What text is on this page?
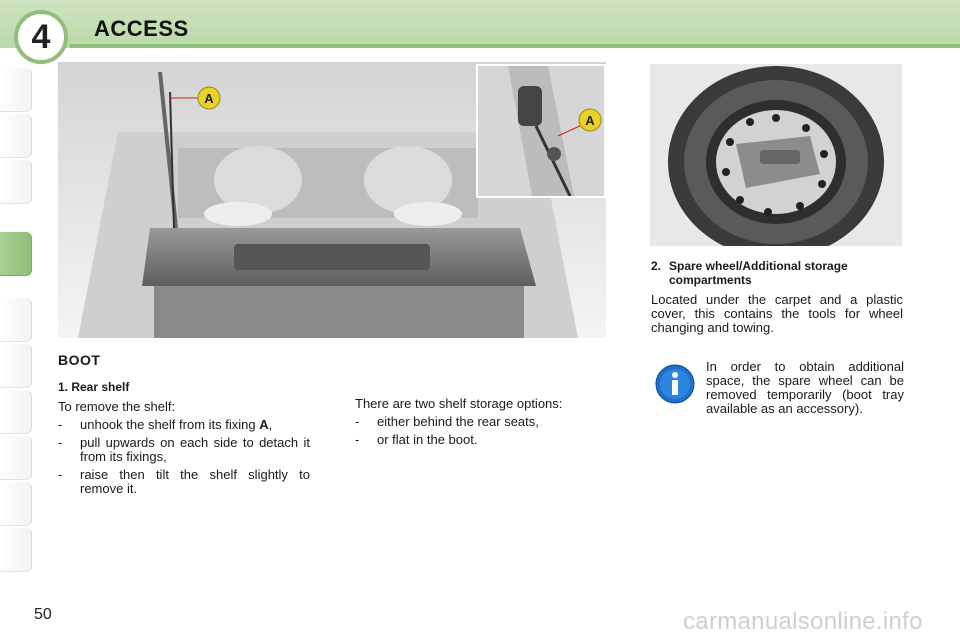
4 ACCESS
A
A
BOOT
1. Rear shelf
To remove the shelf:
- unhook the shelf from its fixing A,
- pull upwards on each side to detach it from its fixings,
- raise then tilt the shelf slightly to remove it.
There are two shelf storage options:
- either behind the rear seats,
- or flat in the boot.
2. Spare wheel/Additional storage compartments
Located under the carpet and a plastic cover, this contains the tools for wheel changing and towing.
In order to obtain additional space, the spare wheel can be removed temporarily (boot tray available as an accessory).
50	carmanualsonline.info
